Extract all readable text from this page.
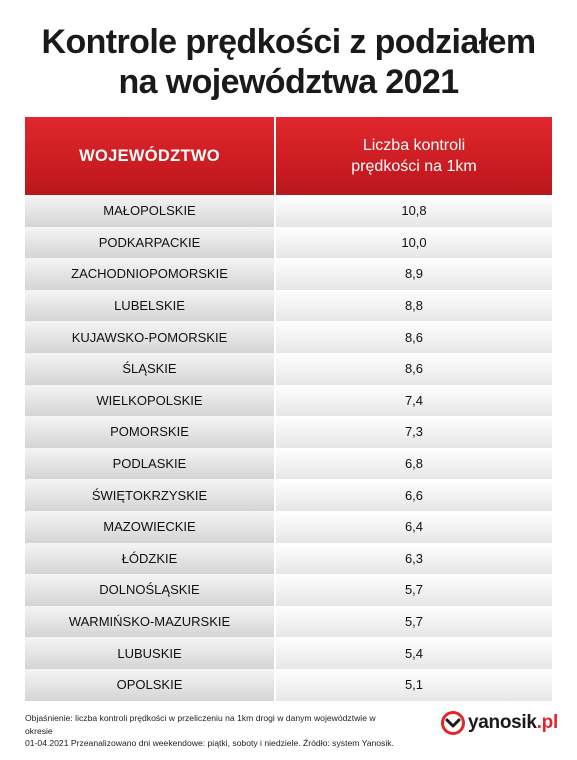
Kontrole prędkości z podziałem
na województwa 2021
WOJEWÓDZTWO
Liczba kontroli
prędkości na 1km
MAŁOPOLSKIE	10,8
PODKARPACKIE	10,0
ZACHODNIOPOMORSKIE	8,9
LUBELSKIE	8,8
KUJAWSKO-POMORSKIE	8,6
ŚLĄSKIE	8,6
WIELKOPOLSKIE	7,4
POMORSKIE	7,3
PODLASKIE	6,8
ŚWIĘTOKRZYSKIE	6,6
MAZOWIECKIE	6,4
ŁÓDZKIE	6,3
DOLNOŚLĄSKIE	5,7
WARMIŃSKO-MAZURSKIE	5,7
LUBUSKIE	5,4
OPOLSKIE	5,1
Objaśnienie: liczba kontroli prędkości w przeliczeniu na 1km drogi w danym województwie w okresie
01-04.2021 Przeanalizowano dni weekendowe: piątki, soboty i niedziele. Źródło: system Yanosik.
yanosik.pl
